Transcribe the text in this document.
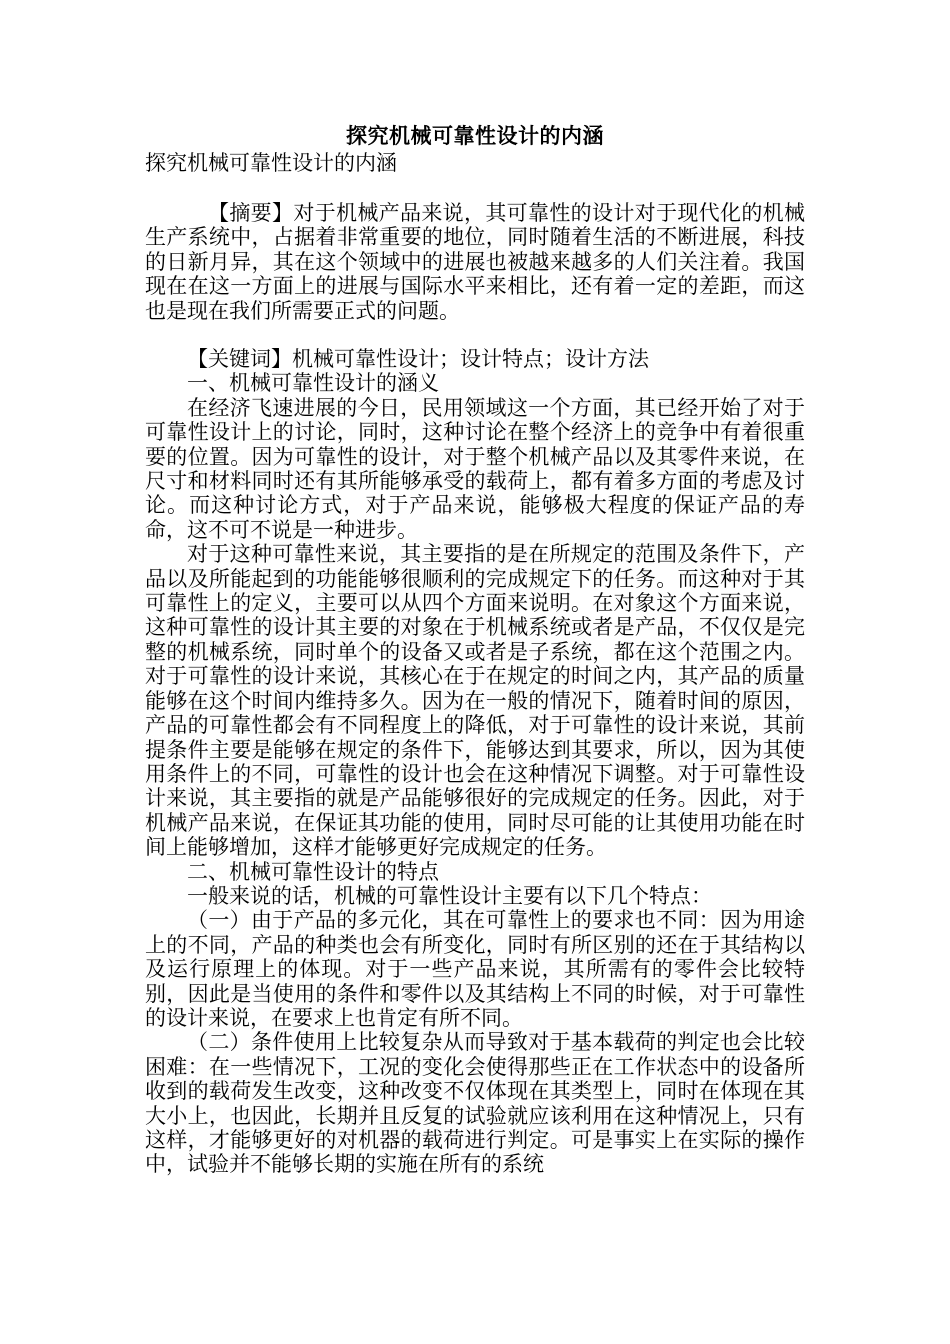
探究机械可靠性设计的内涵
探究机械可靠性设计的内涵

【摘要】对于机械产品来说，其可靠性的设计对于现代化的机械生产系统中，占据着非常重要的地位，同时随着生活的不断进展，科技的日新月异，其在这个领域中的进展也被越来越多的人们关注着。我国现在在这一方面上的进展与国际水平来相比，还有着一定的差距，而这也是现在我们所需要正式的问题。

【关键词】机械可靠性设计；设计特点；设计方法

一、机械可靠性设计的涵义

在经济飞速进展的今日，民用领域这一个方面，其已经开始了对于可靠性设计上的讨论，同时，这种讨论在整个经济上的竞争中有着很重要的位置。因为可靠性的设计，对于整个机械产品以及其零件来说，在尺寸和材料同时还有其所能够承受的载荷上，都有着多方面的考虑及讨论。而这种讨论方式，对于产品来说，能够极大程度的保证产品的寿命，这不可不说是一种进步。

对于这种可靠性来说，其主要指的是在所规定的范围及条件下，产品以及所能起到的功能能够很顺利的完成规定下的任务。而这种对于其可靠性上的定义，主要可以从四个方面来说明。在对象这个方面来说，这种可靠性的设计其主要的对象在于机械系统或者是产品，不仅仅是完整的机械系统，同时单个的设备又或者是子系统，都在这个范围之内。对于可靠性的设计来说，其核心在于在规定的时间之内，其产品的质量能够在这个时间内维持多久。因为在一般的情况下，随着时间的原因，产品的可靠性都会有不同程度上的降低，对于可靠性的设计来说，其前提条件主要是能够在规定的条件下，能够达到其要求，所以，因为其使用条件上的不同，可靠性的设计也会在这种情况下调整。对于可靠性设计来说，其主要指的就是产品能够很好的完成规定的任务。因此，对于机械产品来说，在保证其功能的使用，同时尽可能的让其使用功能在时间上能够增加，这样才能够更好完成规定的任务。

二、机械可靠性设计的特点

一般来说的话，机械的可靠性设计主要有以下几个特点：

（一）由于产品的多元化，其在可靠性上的要求也不同：因为用途上的不同，产品的种类也会有所变化，同时有所区别的还在于其结构以及运行原理上的体现。对于一些产品来说，其所需有的零件会比较特别，因此是当使用的条件和零件以及其结构上不同的时候，对于可靠性的设计来说，在要求上也肯定有所不同。

（二）条件使用上比较复杂从而导致对于基本载荷的判定也会比较困难：在一些情况下，工况的变化会使得那些正在工作状态中的设备所收到的载荷发生改变，这种改变不仅体现在其类型上，同时在体现在其大小上，也因此，长期并且反复的试验就应该利用在这种情况上，只有这样，才能够更好的对机器的载荷进行判定。可是事实上在实际的操作中，试验并不能够长期的实施在所有的系统
